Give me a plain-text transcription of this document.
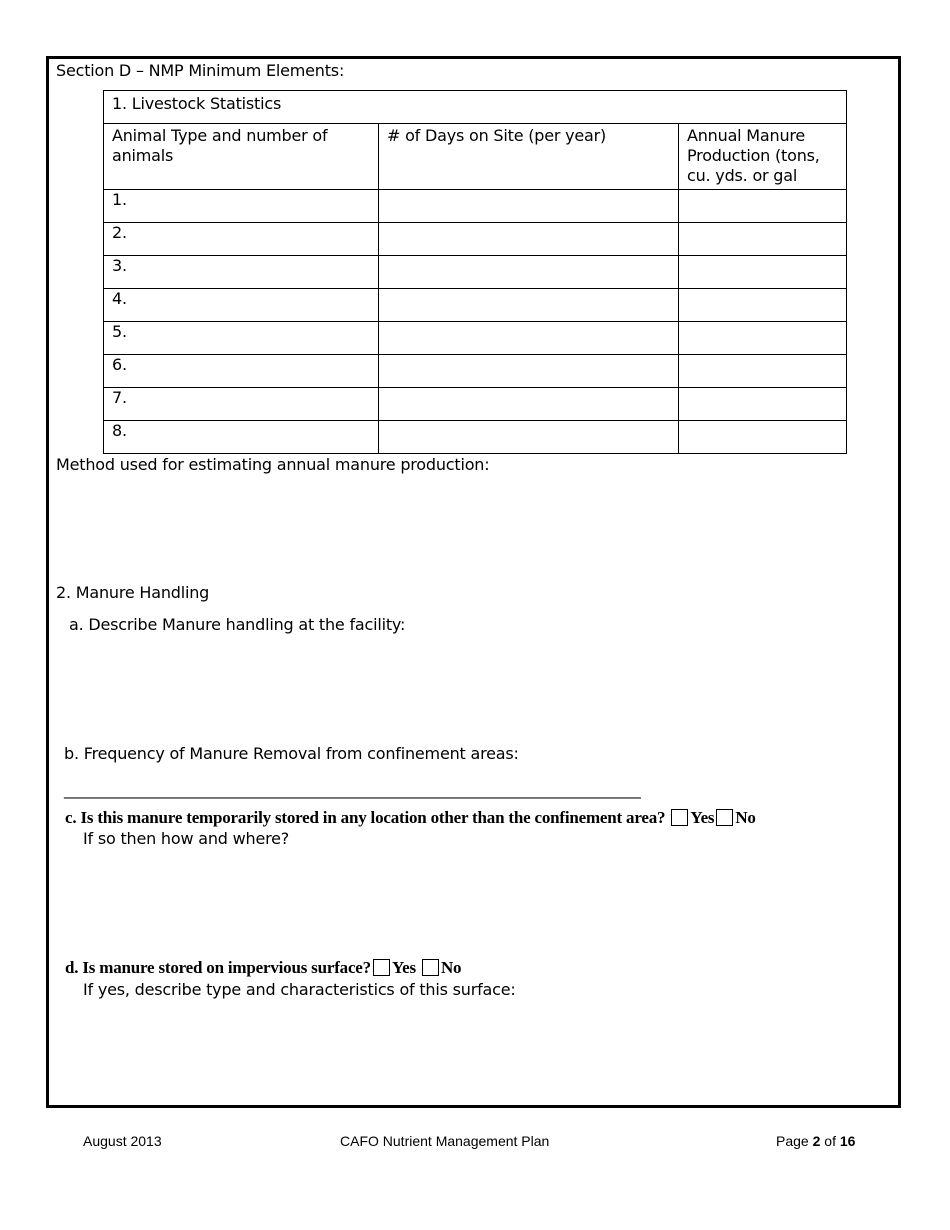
Section D – NMP Minimum Elements:
1. Livestock Statistics		
Animal Type and number of animals	# of Days on Site (per year)	Annual Manure Production (tons, cu. yds. or gal
1.		
2.		
3.		
4.		
5.		
6.		
7.		
8.		
Method used for estimating annual manure production:
2. Manure Handling
a. Describe Manure handling at the facility:
b. Frequency of Manure Removal from confinement areas:
_______________________________________________________________________________
c. Is this manure temporarily stored in any location other than the confinement area? Yes No
If so then how and where?
d. Is manure stored on impervious surface? Yes No
If yes, describe type and characteristics of this surface:
August 2013	CAFO Nutrient Management Plan	Page 2 of 16
